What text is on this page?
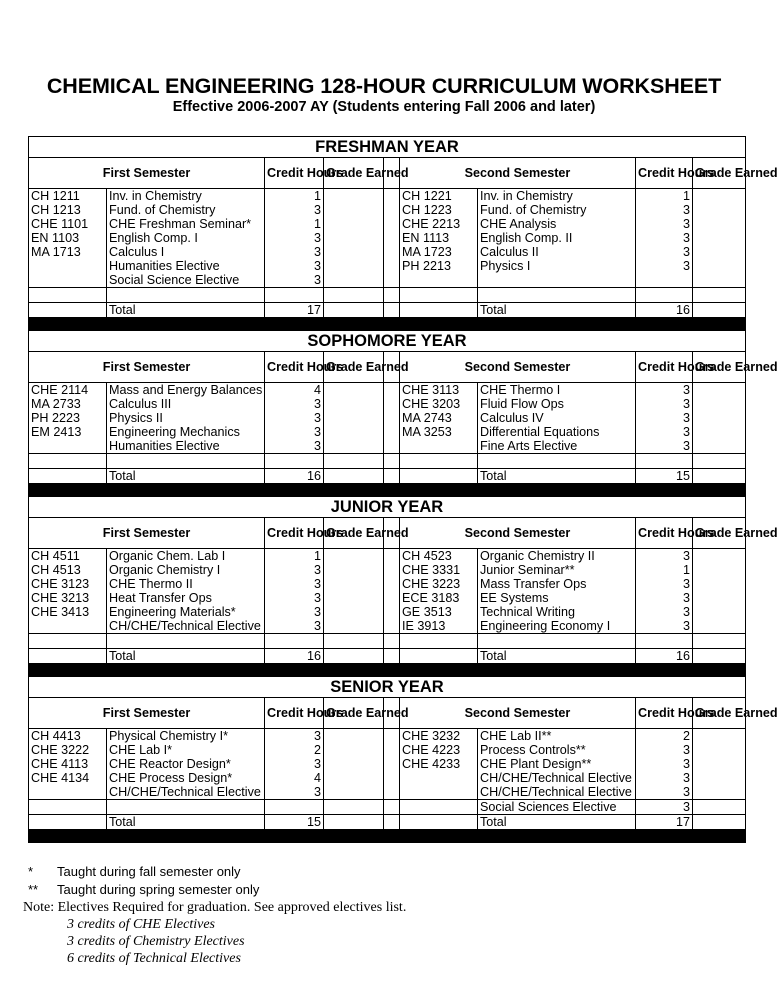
CHEMICAL ENGINEERING 128-HOUR CURRICULUM WORKSHEET
Effective 2006-2007 AY (Students entering Fall 2006 and later)
FRESHMAN YEAR								
First Semester		Credit Hours	Grade Earned		Second Semester		Credit Hours	Grade Earned
CH 1211	Inv. in Chemistry	1			CH 1221	Inv. in Chemistry	1	
CH 1213	Fund. of Chemistry	3			CH 1223	Fund. of Chemistry	3	
CHE 1101	CHE Freshman Seminar*	1			CHE 2213	CHE Analysis	3	
EN 1103	English Comp. I	3			EN 1113	English Comp. II	3	
MA 1713	Calculus I	3			MA 1723	Calculus II	3	
	Humanities Elective	3			PH 2213	Physics I	3	
	Social Science Elective	3						

	Total	17				Total	16	

SOPHOMORE YEAR								
First Semester		Credit Hours	Grade Earned		Second Semester		Credit Hours	Grade Earned
CHE 2114	Mass and Energy Balances	4			CHE 3113	CHE Thermo I	3	
MA 2733	Calculus III	3			CHE 3203	Fluid Flow Ops	3	
PH 2223	Physics II	3			MA 2743	Calculus IV	3	
EM 2413	Engineering Mechanics	3			MA 3253	Differential Equations	3	
	Humanities Elective	3				Fine Arts Elective	3	

	Total	16				Total	15	

JUNIOR YEAR								
First Semester		Credit Hours	Grade Earned		Second Semester		Credit Hours	Grade Earned
CH 4511	Organic Chem. Lab I	1			CH 4523	Organic Chemistry II	3	
CH 4513	Organic Chemistry I	3			CHE 3331	Junior Seminar**	1	
CHE 3123	CHE Thermo II	3			CHE 3223	Mass Transfer Ops	3	
CHE 3213	Heat Transfer Ops	3			ECE 3183	EE Systems	3	
CHE 3413	Engineering Materials*	3			GE 3513	Technical Writing	3	
	CH/CHE/Technical Elective	3			IE 3913	Engineering Economy I	3	

	Total	16				Total	16	

SENIOR YEAR								
First Semester		Credit Hours	Grade Earned		Second Semester		Credit Hours	Grade Earned
CH 4413	Physical Chemistry I*	3			CHE 3232	CHE Lab II**	2	
CHE 3222	CHE Lab I*	2			CHE 4223	Process Controls**	3	
CHE 4113	CHE Reactor Design*	3			CHE 4233	CHE Plant Design**	3	
CHE 4134	CHE Process Design*	4				CH/CHE/Technical Elective	3	
	CH/CHE/Technical Elective	3				CH/CHE/Technical Elective	3	
						Social Sciences Elective	3	
	Total	15				Total	17	

* Taught during fall semester only
** Taught during spring semester only
Note: Electives Required for graduation. See approved electives list.
3 credits of CHE Electives
3 credits of Chemistry Electives
6 credits of Technical Electives
